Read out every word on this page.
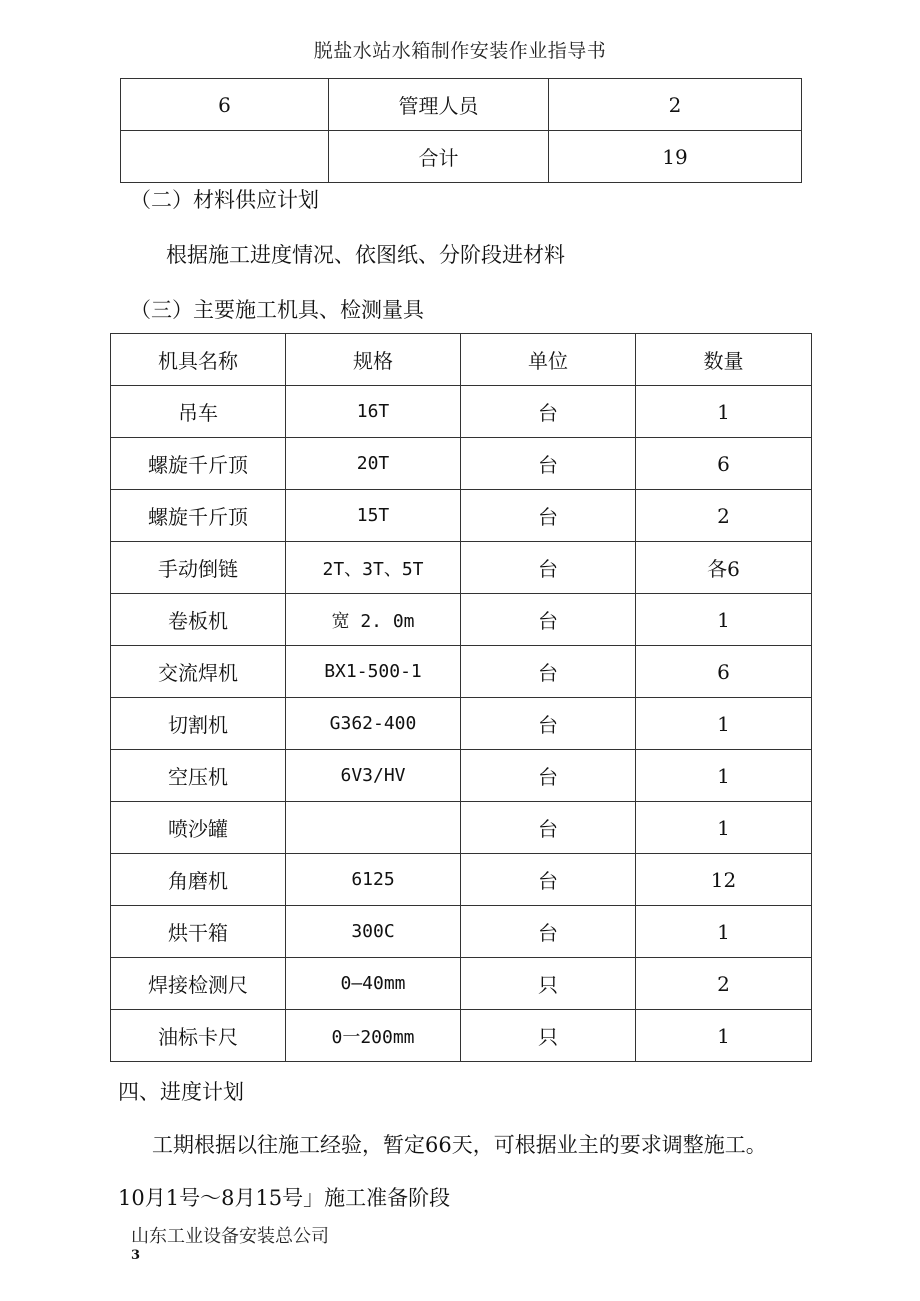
脱盐水站水箱制作安装作业指导书
6	管理人员	2
	合计	19
（二）材料供应计划
根据施工进度情况、依图纸、分阶段进材料
（三）主要施工机具、检测量具
机具名称	规格	单位	数量
吊车	16T	台	1
螺旋千斤顶	20T	台	6
螺旋千斤顶	15T	台	2
手动倒链	2T、3T、5T	台	各6
卷板机	宽 2. 0m	台	1
交流焊机	BX1-500-1	台	6
切割机	G362-400	台	1
空压机	6V3/HV	台	1
喷沙罐		台	1
角磨机	6125	台	12
烘干箱	300C	台	1
焊接检测尺	0—40mm	只	2
油标卡尺	0一200mm	只	1
四、进度计划
工期根据以往施工经验，暂定66天，可根据业主的要求调整施工。
10月1号～8月15号」施工准备阶段
山东工业设备安装总公司
3
